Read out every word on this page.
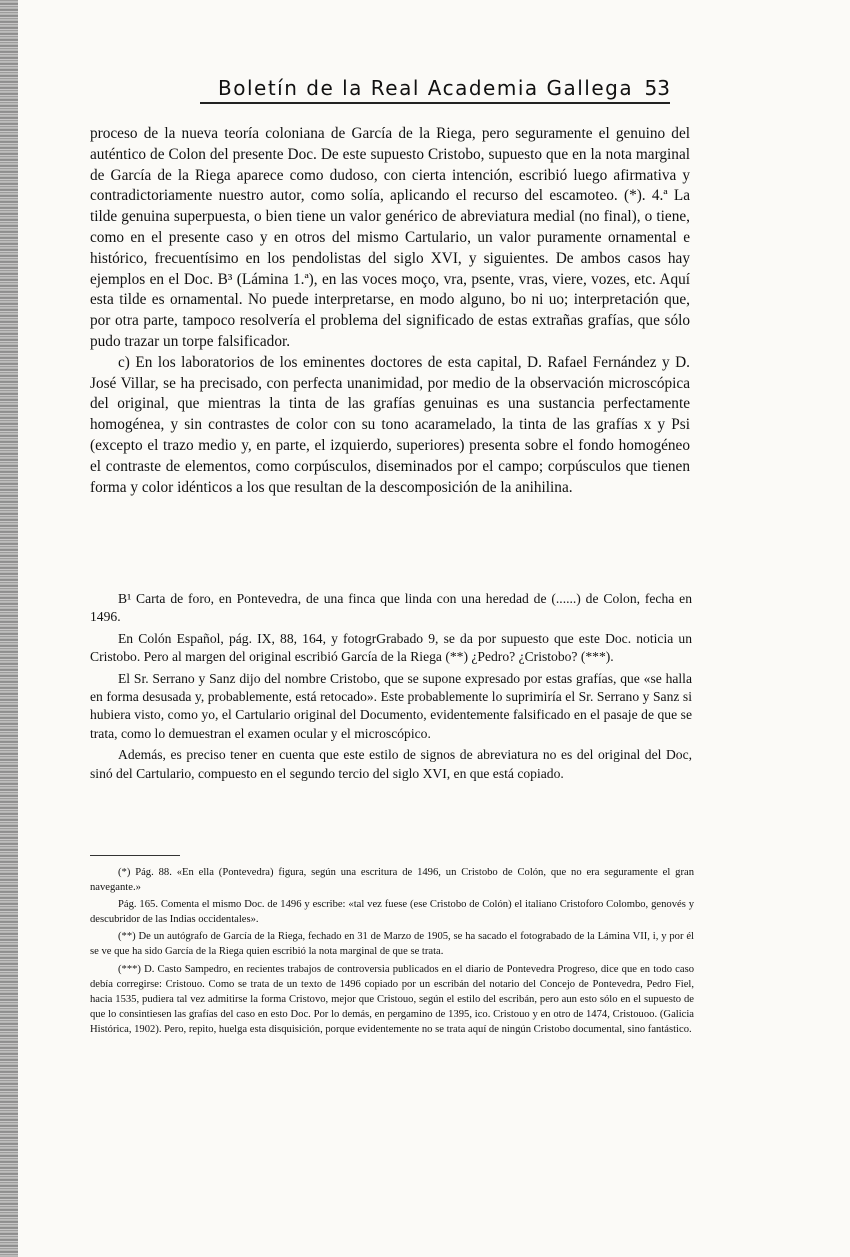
Boletín de la Real Academia Gallega 53

proceso de la nueva teoría coloniana de García de la Riega, pero seguramente el genuino del auténtico de Colon del presente Doc. De este supuesto Cristobo, supuesto que en la nota marginal de García de la Riega aparece como dudoso, con cierta intención, escribió luego afirmativa y contradictoriamente nuestro autor, como solía, aplicando el recurso del escamoteo. (*). 4.ª La tilde genuina superpuesta, o bien tiene un valor genérico de abreviatura medial (no final), o tiene, como en el presente caso y en otros del mismo Cartulario, un valor puramente ornamental e histórico, frecuentísimo en los pendolistas del siglo XVI, y siguientes. De ambos casos hay ejemplos en el Doc. B³ (Lámina 1.ª), en las voces moço, vra, psente, vras, viere, vozes, etc. Aquí esta tilde es ornamental. No puede interpretarse, en modo alguno, bo ni uo; interpretación que, por otra parte, tampoco resolvería el problema del significado de estas extrañas grafías, que sólo pudo trazar un torpe falsificador.

c) En los laboratorios de los eminentes doctores de esta capital, D. Rafael Fernández y D. José Villar, se ha precisado, con perfecta unanimidad, por medio de la observación microscópica del original, que mientras la tinta de las grafías genuinas es una sustancia perfectamente homogénea, y sin contrastes de color con su tono acaramelado, la tinta de las grafías x y Psi (excepto el trazo medio y, en parte, el izquierdo, superiores) presenta sobre el fondo homogéneo el contraste de elementos, como corpúsculos, diseminados por el campo; corpúsculos que tienen forma y color idénticos a los que resultan de la descomposición de la anihilina.

B¹ Carta de foro, en Pontevedra, de una finca que linda con una heredad de (......) de Colon, fecha en 1496.

En Colón Español, pág. IX, 88, 164, y fotogrGrabado 9, se da por supuesto que este Doc. noticia un Cristobo. Pero al margen del original escribió García de la Riega (**) ¿Pedro? ¿Cristobo? (***).

El Sr. Serrano y Sanz dijo del nombre Cristobo, que se supone expresado por estas grafías, que «se halla en forma desusada y, probablemente, está retocado». Este probablemente lo suprimiría el Sr. Serrano y Sanz si hubiera visto, como yo, el Cartulario original del Documento, evidentemente falsificado en el pasaje de que se trata, como lo demuestran el examen ocular y el microscópico.

Además, es preciso tener en cuenta que este estilo de signos de abreviatura no es del original del Doc, sinó del Cartulario, compuesto en el segundo tercio del siglo XVI, en que está copiado.

(*) Pág. 88. «En ella (Pontevedra) figura, según una escritura de 1496, un Cristobo de Colón, que no era seguramente el gran navegante.»

Pág. 165. Comenta el mismo Doc. de 1496 y escribe: «tal vez fuese (ese Cristobo de Colón) el italiano Cristoforo Colombo, genovés y descubridor de las Indias occidentales».

(**) De un autógrafo de García de la Riega, fechado en 31 de Marzo de 1905, se ha sacado el fotograbado de la Lámina VII, i, y por él se ve que ha sido García de la Riega quien escribió la nota marginal de que se trata.

(***) D. Casto Sampedro, en recientes trabajos de controversia publicados en el diario de Pontevedra Progreso, dice que en todo caso debía corregirse: Cristouo. Como se trata de un texto de 1496 copiado por un escribán del notario del Concejo de Pontevedra, Pedro Fiel, hacia 1535, pudiera tal vez admitirse la forma Cristovo, mejor que Cristouo, según el estilo del escribán, pero aun esto sólo en el supuesto de que lo consintiesen las grafías del caso en esto Doc. Por lo demás, en pergamino de 1395, ico. Cristouo y en otro de 1474, Cristouoo. (Galicia Histórica, 1902). Pero, repito, huelga esta disquisición, porque evidentemente no se trata aquí de ningún Cristobo documental, sino fantástico.
